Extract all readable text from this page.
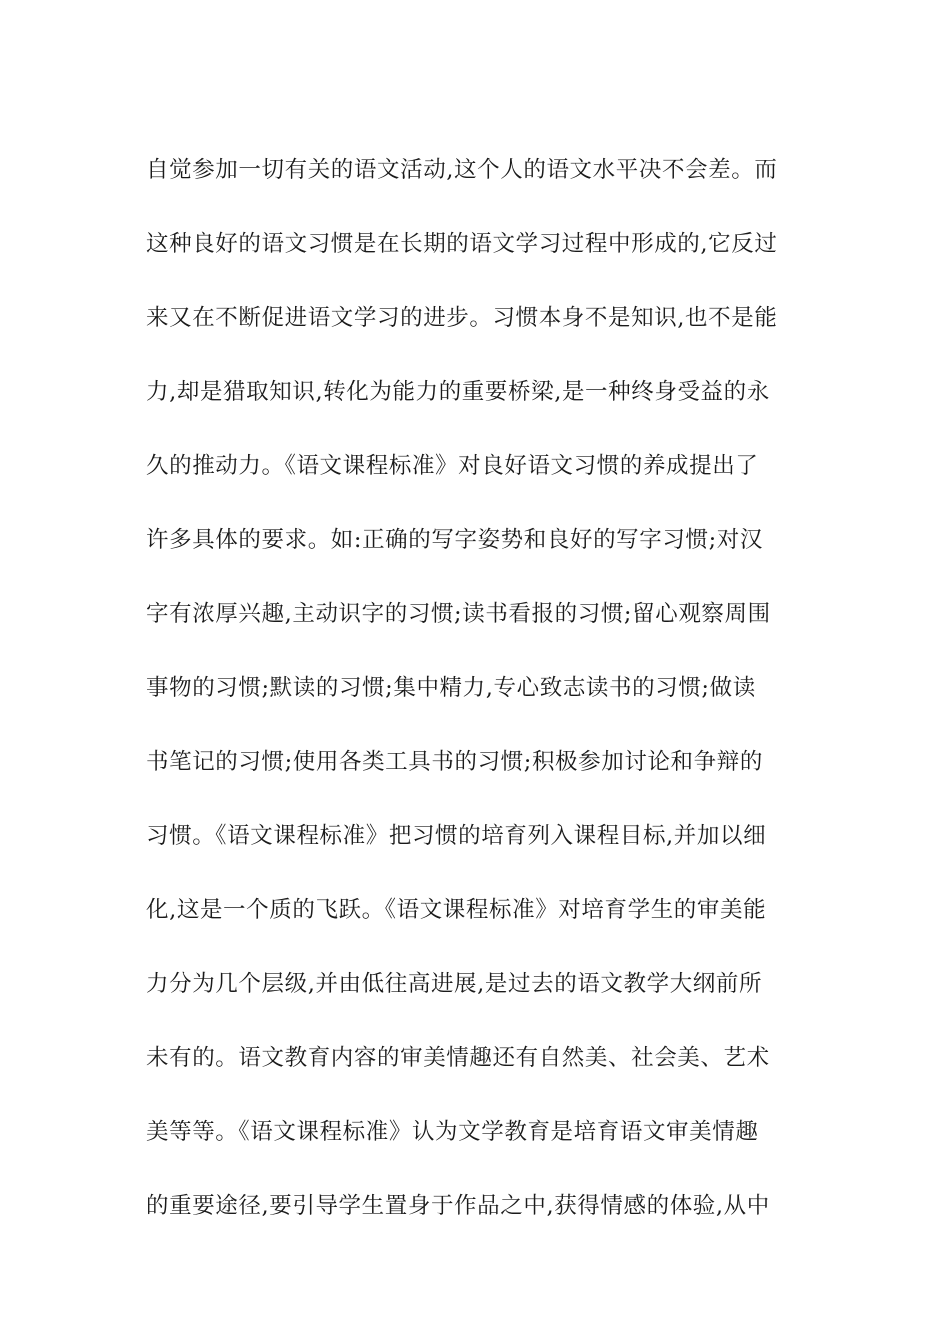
自觉参加一切有关的语文活动,这个人的语文水平决不会差。而
这种良好的语文习惯是在长期的语文学习过程中形成的,它反过
来又在不断促进语文学习的进步。习惯本身不是知识,也不是能
力,却是猎取知识,转化为能力的重要桥梁,是一种终身受益的永
久的推动力。《语文课程标准》对良好语文习惯的养成提出了
许多具体的要求。如:正确的写字姿势和良好的写字习惯;对汉
字有浓厚兴趣,主动识字的习惯;读书看报的习惯;留心观察周围
事物的习惯;默读的习惯;集中精力,专心致志读书的习惯;做读
书笔记的习惯;使用各类工具书的习惯;积极参加讨论和争辩的
习惯。《语文课程标准》把习惯的培育列入课程目标,并加以细
化,这是一个质的飞跃。《语文课程标准》对培育学生的审美能
力分为几个层级,并由低往高进展,是过去的语文教学大纲前所
未有的。语文教育内容的审美情趣还有自然美、社会美、艺术
美等等。《语文课程标准》认为文学教育是培育语文审美情趣
的重要途径,要引导学生置身于作品之中,获得情感的体验,从中
